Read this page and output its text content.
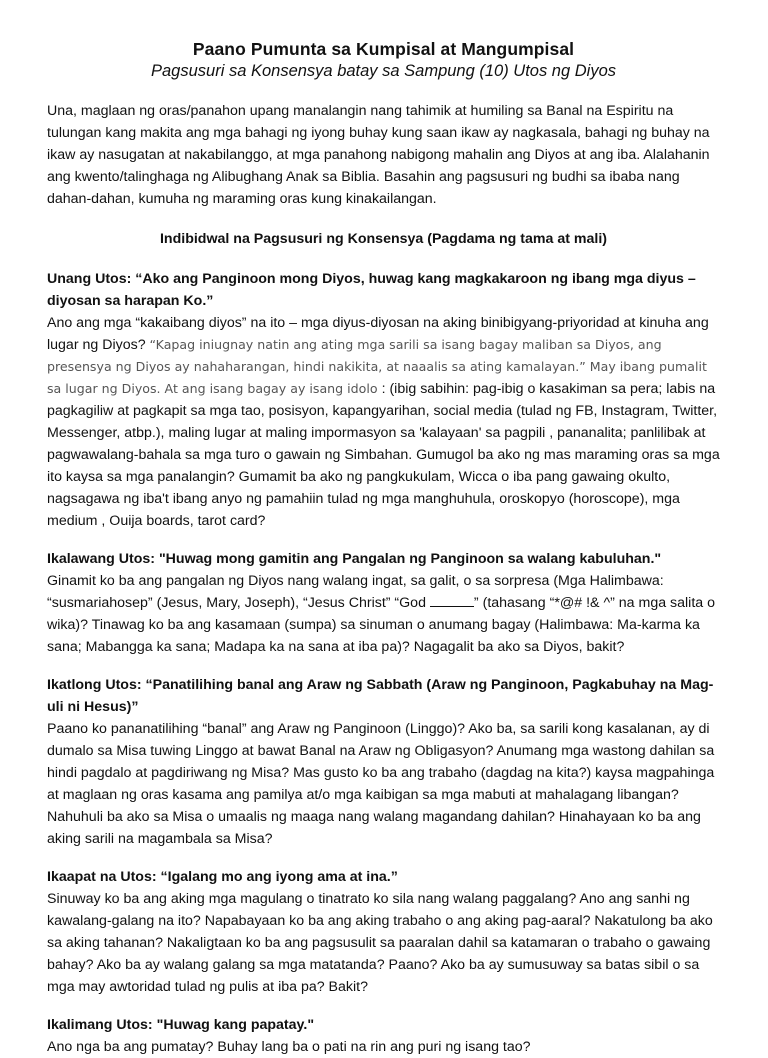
Paano Pumunta sa Kumpisal at Mangumpisal
Pagsusuri sa Konsensya batay sa Sampung (10) Utos ng Diyos

Una, maglaan ng oras/panahon upang manalangin nang tahimik at humiling sa Banal na Espiritu na tulungan kang makita ang mga bahagi ng iyong buhay kung saan ikaw ay nagkasala, bahagi ng buhay na ikaw ay nasugatan at nakabilanggo, at mga panahong nabigong mahalin ang Diyos at ang iba. Alalahanin ang kwento/talinghaga ng Alibughang Anak sa Biblia. Basahin ang pagsusuri ng budhi sa ibaba nang dahan-dahan, kumuha ng maraming oras kung kinakailangan.

Indibidwal na Pagsusuri ng Konsensya (Pagdama ng tama at mali)

Unang Utos: “Ako ang Panginoon mong Diyos, huwag kang magkakaroon ng ibang mga diyus –diyosan sa harapan Ko.”

Ano ang mga “kakaibang diyos” na ito – mga diyus-diyosan na aking binibigyang-priyoridad at kinuha ang lugar ng Diyos? “Kapag iniugnay natin ang ating mga sarili sa isang bagay maliban sa Diyos, ang presensya ng Diyos ay nahaharangan, hindi nakikita, at naaalis sa ating kamalayan.” May ibang pumalit sa lugar ng Diyos. At ang isang bagay ay isang idolo : (ibig sabihin: pag-ibig o kasakiman sa pera; labis na pagkagiliw at pagkapit sa mga tao, posisyon, kapangyarihan, social media (tulad ng FB, Instagram, Twitter, Messenger, atbp.), maling lugar at maling impormasyon sa 'kalayaan' sa pagpili , pananalita; panlilibak at pagwawalang-bahala sa mga turo o gawain ng Simbahan. Gumugol ba ako ng mas maraming oras sa mga ito kaysa sa mga panalangin? Gumamit ba ako ng pangkukulam, Wicca o iba pang gawaing okulto, nagsagawa ng iba't ibang anyo ng pamahiin tulad ng mga manghuhula, oroskopyo (horoscope), mga medium , Ouija boards, tarot card?

Ikalawang Utos: "Huwag mong gamitin ang Pangalan ng Panginoon sa walang kabuluhan."

Ginamit ko ba ang pangalan ng Diyos nang walang ingat, sa galit, o sa sorpresa (Mga Halimbawa: “susmariahosep” (Jesus, Mary, Joseph), “Jesus Christ” “God	” (tahasang “*@# !& ^” na mga salita o wika)? Tinawag ko ba ang kasamaan (sumpa) sa sinuman o anumang bagay (Halimbawa: Ma-karma ka sana; Mabangga ka sana; Madapa ka na sana at iba pa)? Nagagalit ba ako sa Diyos, bakit?

Ikatlong Utos: “Panatilihing banal ang Araw ng Sabbath (Araw ng Panginoon, Pagkabuhay na Mag-uli ni Hesus)”

Paano ko pananatilihing “banal” ang Araw ng Panginoon (Linggo)? Ako ba, sa sarili kong kasalanan, ay di dumalo sa Misa tuwing Linggo at bawat Banal na Araw ng Obligasyon? Anumang mga wastong dahilan sa hindi pagdalo at pagdiriwang ng Misa? Mas gusto ko ba ang trabaho (dagdag na kita?) kaysa magpahinga at maglaan ng oras kasama ang pamilya at/o mga kaibigan sa mga mabuti at mahalagang libangan? Nahuhuli ba ako sa Misa o umaalis ng maaga nang walang magandang dahilan? Hinahayaan ko ba ang aking sarili na magambala sa Misa?

Ikaapat na Utos: “Igalang mo ang iyong ama at ina.”

Sinuway ko ba ang aking mga magulang o tinatrato ko sila nang walang paggalang? Ano ang sanhi ng kawalang-galang na ito? Napabayaan ko ba ang aking trabaho o ang aking pag-aaral? Nakatulong ba ako sa aking tahanan? Nakaligtaan ko ba ang pagsusulit sa paaralan dahil sa katamaran o trabaho o gawaing bahay? Ako ba ay walang galang sa mga matatanda? Paano? Ako ba ay sumusuway sa batas sibil o sa mga may awtoridad tulad ng pulis at iba pa? Bakit?

Ikalimang Utos: "Huwag kang papatay."

Ano nga ba ang pumatay? Buhay lang ba o pati na rin ang puri ng isang tao?
